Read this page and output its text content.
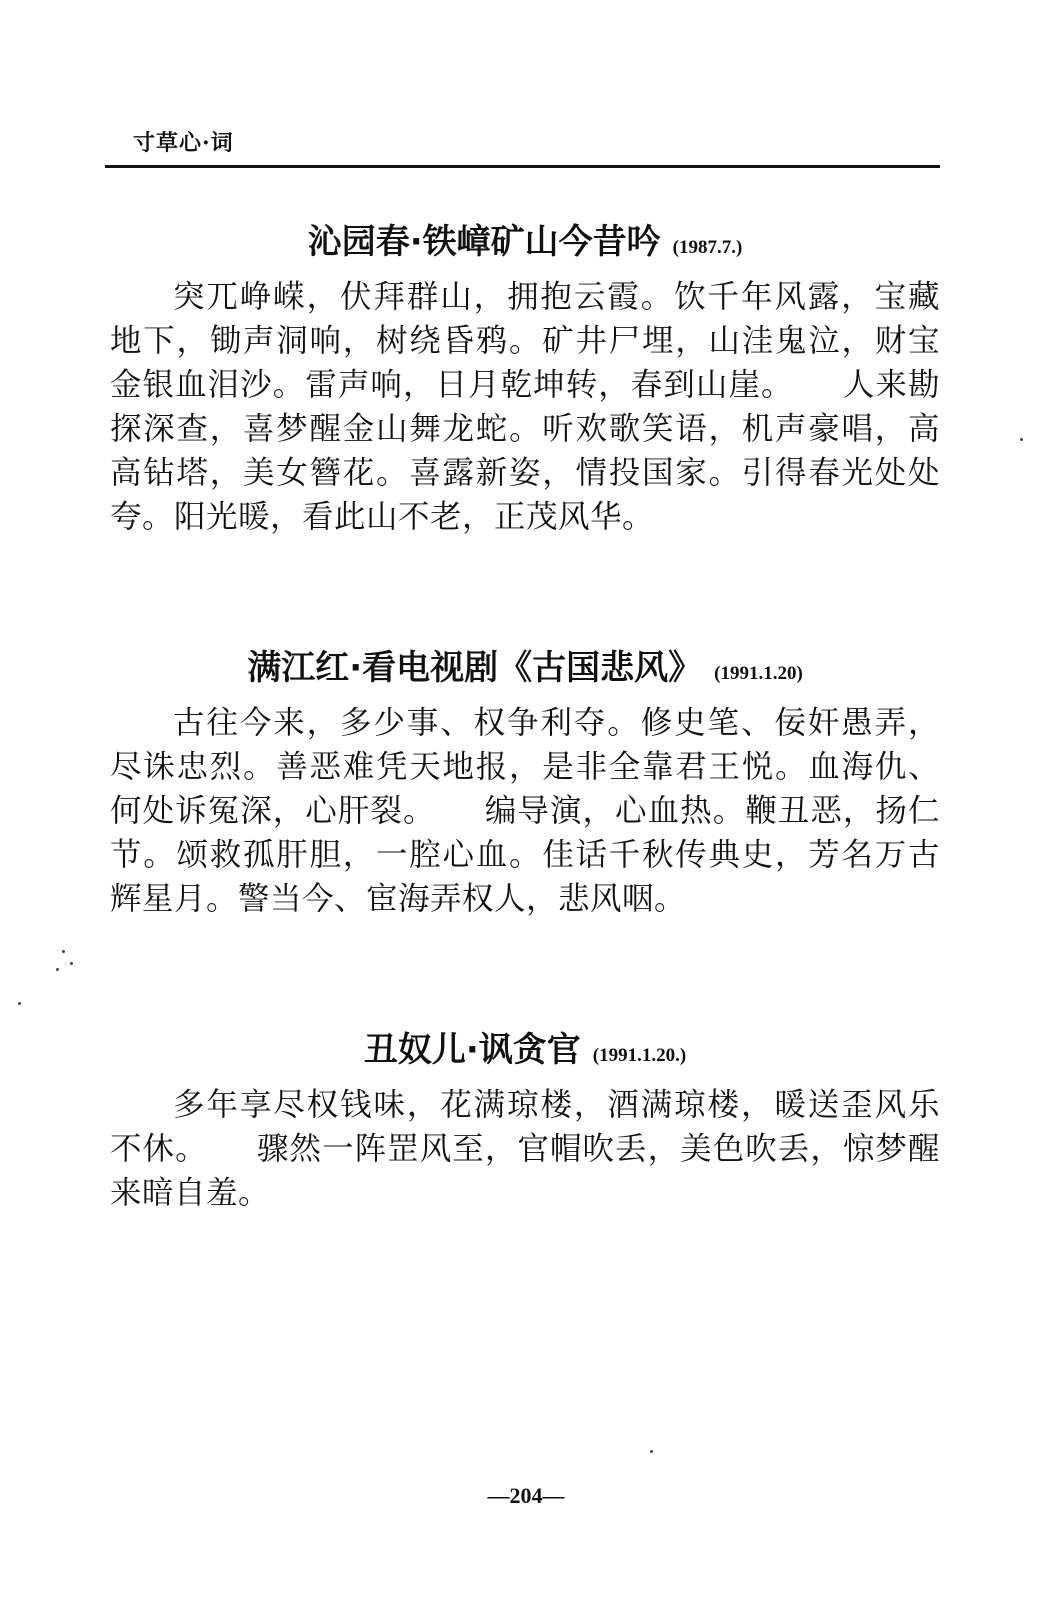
寸草心·词
沁园春·铁嶂矿山今昔吟 (1987.7.)

突兀峥嵘，伏拜群山，拥抱云霞。饮千年风露，宝藏地下，锄声洞响，树绕昏鸦。矿井尸埋，山洼鬼泣，财宝金银血泪沙。雷声响，日月乾坤转，春到山崖。　　人来勘探深查，喜梦醒金山舞龙蛇。听欢歌笑语，机声豪唱，高高钻塔，美女簪花。喜露新姿，情投国家。引得春光处处夸。阳光暖，看此山不老，正茂风华。

满江红·看电视剧《古国悲风》 (1991.1.20)

古往今来，多少事、权争利夺。修史笔、佞奸愚弄，尽诛忠烈。善恶难凭天地报，是非全靠君王悦。血海仇、何处诉冤深，心肝裂。　　编导演，心血热。鞭丑恶，扬仁节。颂救孤肝胆，一腔心血。佳话千秋传典史，芳名万古辉星月。警当今、宦海弄权人，悲风咽。

丑奴儿·讽贪官 (1991.1.20.)

多年享尽权钱味，花满琼楼，酒满琼楼，暖送歪风乐不休。　　骤然一阵罡风至，官帽吹丢，美色吹丢，惊梦醒来暗自羞。

—204—
